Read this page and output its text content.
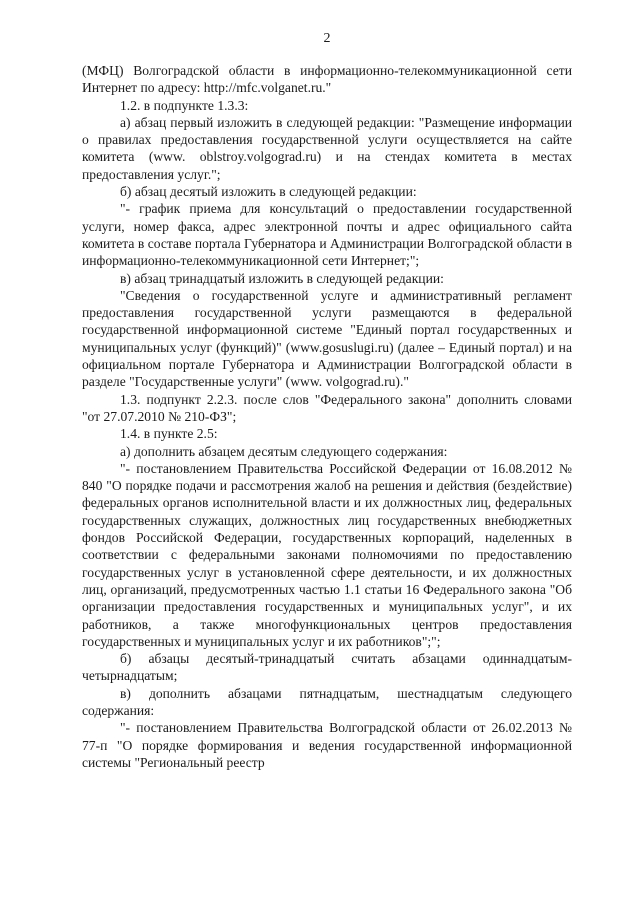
2

(МФЦ) Волгоградской области в информационно-телекоммуникационной сети Интернет по адресу: http://mfc.volganet.ru."

1.2. в подпункте 1.3.3:

а) абзац первый изложить в следующей редакции: "Размещение информации о правилах предоставления государственной услуги осуществляется на сайте комитета (www. oblstroy.volgograd.ru) и на стендах комитета в местах предоставления услуг.";

б) абзац десятый изложить в следующей редакции:

"- график приема для консультаций о предоставлении государственной услуги, номер факса, адрес электронной почты и адрес официального сайта комитета в составе портала Губернатора и Администрации Волгоградской области в информационно-телекоммуникационной сети Интернет;";

в) абзац тринадцатый изложить в следующей редакции:

"Сведения о государственной услуге и административный регламент предоставления государственной услуги размещаются в федеральной государственной информационной системе "Единый портал государственных и муниципальных услуг (функций)" (www.gosuslugi.ru) (далее – Единый портал) и на официальном портале Губернатора и Администрации Волгоградской области в разделе "Государственные услуги" (www. volgograd.ru)."

1.3. подпункт 2.2.3. после слов "Федерального закона" дополнить словами "от 27.07.2010 № 210-ФЗ";

1.4. в пункте 2.5:

а) дополнить абзацем десятым следующего содержания:

"- постановлением Правительства Российской Федерации от 16.08.2012 № 840 "О порядке подачи и рассмотрения жалоб на решения и действия (бездействие) федеральных органов исполнительной власти и их должностных лиц, федеральных государственных служащих, должностных лиц государственных внебюджетных фондов Российской Федерации, государственных корпораций, наделенных в соответствии с федеральными законами полномочиями по предоставлению государственных услуг в установленной сфере деятельности, и их должностных лиц, организаций, предусмотренных частью 1.1 статьи 16 Федерального закона "Об организации предоставления государственных и муниципальных услуг", и их работников, а также многофункциональных центров предоставления государственных и муниципальных услуг и их работников";";

б) абзацы десятый-тринадцатый считать абзацами одиннадцатым-четырнадцатым;

в) дополнить абзацами пятнадцатым, шестнадцатым следующего содержания:

"- постановлением Правительства Волгоградской области от 26.02.2013 № 77-п "О порядке формирования и ведения государственной информационной системы "Региональный реестр
